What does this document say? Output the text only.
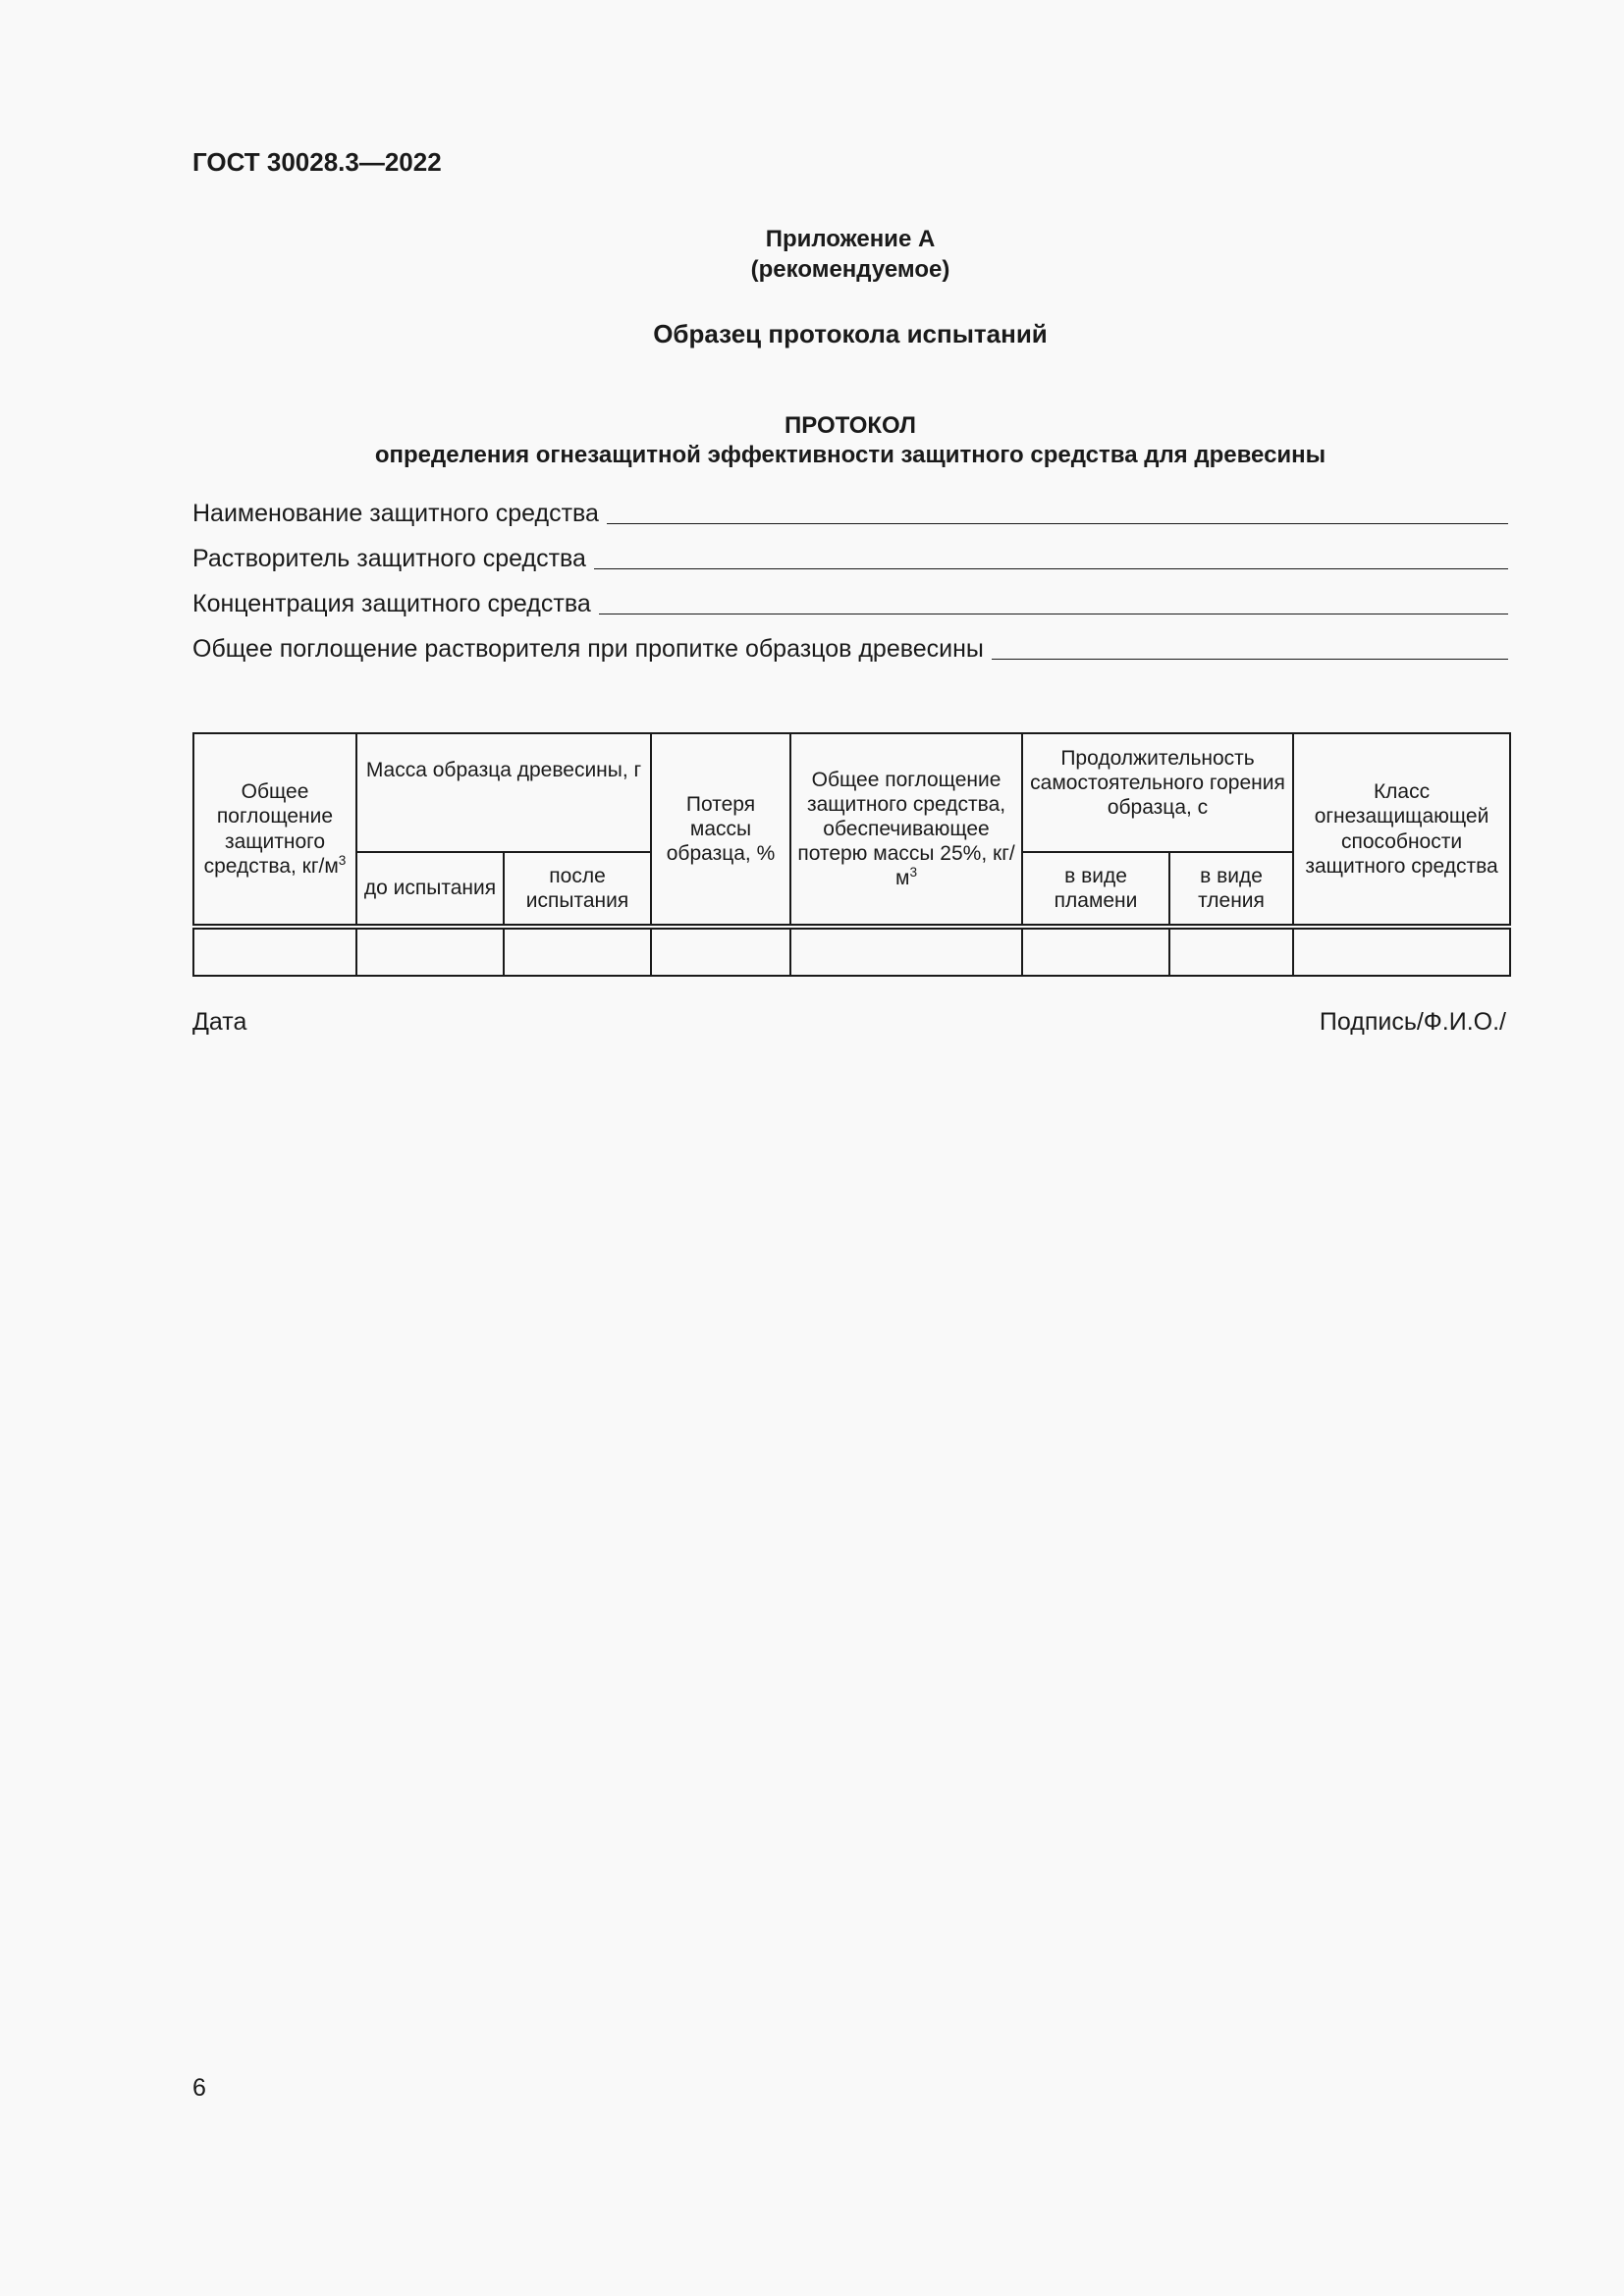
ГОСТ 30028.3—2022
Приложение А
(рекомендуемое)
Образец протокола испытаний
ПРОТОКОЛ
определения огнезащитной эффективности защитного средства для древесины
Наименование защитного средства
Растворитель защитного средства
Концентрация защитного средства
Общее поглощение растворителя при пропитке образцов древесины
Общее поглощение защитного средства, $кг/м^3$	Масса образца древесины, г		Потеря массы образца, %	Общее поглощение защитного средства, обеспечивающее потерю массы 25%, $кг/м^3$	Продолжительность самостоятельного горения образца, с		Класс огнезащищающей способности защитного средства
	до испытания	после испытания			в виде пламени	в виде тления	

Дата	Подпись/Ф.И.О./
6
